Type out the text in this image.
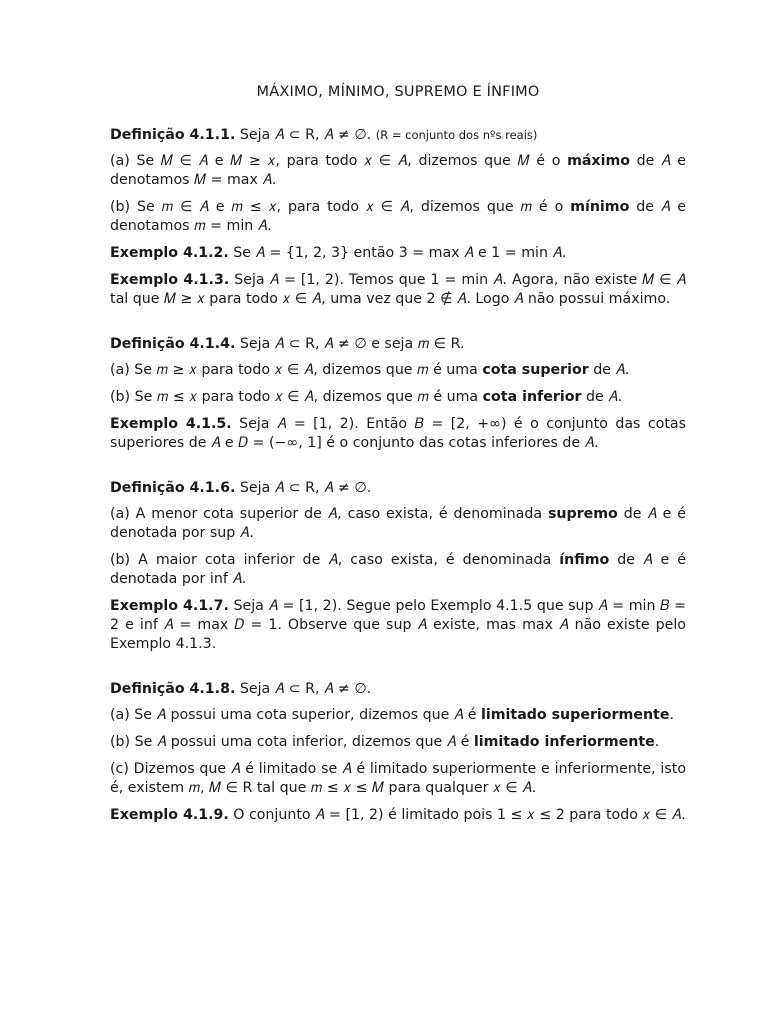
MÁXIMO, MÍNIMO, SUPREMO E ÍNFIMO
Definição 4.1.1. Seja 𝐴 ⊂ R, 𝐴 ≠ ∅. (R = conjunto dos nºs reais)
(a) Se 𝑀 ∈ 𝐴 e 𝑀 ≥ 𝑥, para todo 𝑥 ∈ 𝐴, dizemos que 𝑀 é o máximo de 𝐴 e denotamos 𝑀 = max 𝐴.
(b) Se 𝑚 ∈ 𝐴 e 𝑚 ≤ 𝑥, para todo 𝑥 ∈ 𝐴, dizemos que 𝑚 é o mínimo de 𝐴 e denotamos 𝑚 = min 𝐴.
Exemplo 4.1.2. Se 𝐴 = {1, 2, 3} então 3 = max 𝐴 e 1 = min 𝐴.
Exemplo 4.1.3. Seja 𝐴 = [1, 2). Temos que 1 = min 𝐴. Agora, não existe 𝑀 ∈ 𝐴 tal que 𝑀 ≥ 𝑥 para todo 𝑥 ∈ 𝐴, uma vez que 2 ∉ 𝐴. Logo 𝐴 não possui máximo.
Definição 4.1.4. Seja 𝐴 ⊂ R, 𝐴 ≠ ∅ e seja 𝑚 ∈ R.
(a) Se 𝑚 ≥ 𝑥 para todo 𝑥 ∈ 𝐴, dizemos que 𝑚 é uma cota superior de 𝐴.
(b) Se 𝑚 ≤ 𝑥 para todo 𝑥 ∈ 𝐴, dizemos que 𝑚 é uma cota inferior de 𝐴.
Exemplo 4.1.5. Seja 𝐴 = [1, 2). Então 𝐵 = [2, +∞) é o conjunto das cotas superiores de 𝐴 e 𝐷 = (−∞, 1] é o conjunto das cotas inferiores de 𝐴.
Definição 4.1.6. Seja 𝐴 ⊂ R, 𝐴 ≠ ∅.
(a) A menor cota superior de 𝐴, caso exista, é denominada supremo de 𝐴 e é denotada por sup 𝐴.
(b) A maior cota inferior de 𝐴, caso exista, é denominada ínfimo de 𝐴 e é denotada por inf 𝐴.
Exemplo 4.1.7. Seja 𝐴 = [1, 2). Segue pelo Exemplo 4.1.5 que sup 𝐴 = min 𝐵 = 2 e inf 𝐴 = max 𝐷 = 1. Observe que sup 𝐴 existe, mas max 𝐴 não existe pelo Exemplo 4.1.3.
Definição 4.1.8. Seja 𝐴 ⊂ R, 𝐴 ≠ ∅.
(a) Se 𝐴 possui uma cota superior, dizemos que 𝐴 é limitado superiormente.
(b) Se 𝐴 possui uma cota inferior, dizemos que 𝐴 é limitado inferiormente.
(c) Dizemos que 𝐴 é limitado se 𝐴 é limitado superiormente e inferiormente, isto é, existem 𝑚, 𝑀 ∈ R tal que 𝑚 ≤ 𝑥 ≤ 𝑀 para qualquer 𝑥 ∈ 𝐴.
Exemplo 4.1.9. O conjunto 𝐴 = [1, 2) é limitado pois 1 ≤ 𝑥 ≤ 2 para todo 𝑥 ∈ 𝐴.
